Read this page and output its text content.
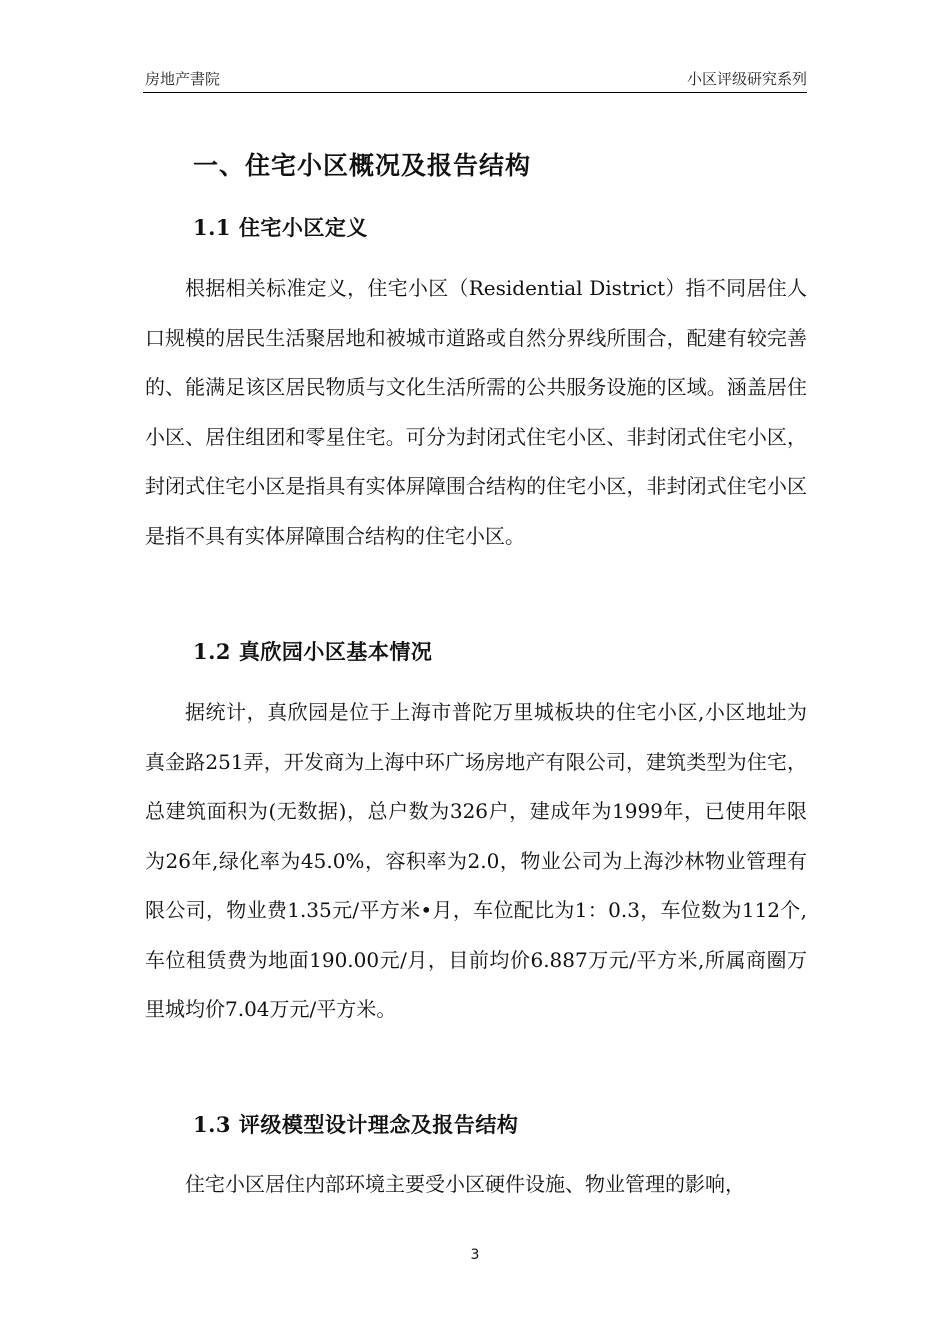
房地产書院	小区评级研究系列
一、住宅小区概况及报告结构
1.1 住宅小区定义

根据相关标准定义，住宅小区（Residential District）指不同居住人口规模的居民生活聚居地和被城市道路或自然分界线所围合，配建有较完善的、能满足该区居民物质与文化生活所需的公共服务设施的区域。涵盖居住小区、居住组团和零星住宅。可分为封闭式住宅小区、非封闭式住宅小区，封闭式住宅小区是指具有实体屏障围合结构的住宅小区，非封闭式住宅小区是指不具有实体屏障围合结构的住宅小区。

1.2 真欣园小区基本情况

据统计，真欣园是位于上海市普陀万里城板块的住宅小区,小区地址为真金路251弄，开发商为上海中环广场房地产有限公司，建筑类型为住宅，总建筑面积为(无数据)，总户数为326户，建成年为1999年，已使用年限为26年,绿化率为45.0%，容积率为2.0，物业公司为上海沙林物业管理有限公司，物业费1.35元/平方米•月，车位配比为1：0.3，车位数为112个,车位租赁费为地面190.00元/月，目前均价6.887万元/平方米,所属商圈万里城均价7.04万元/平方米。

1.3 评级模型设计理念及报告结构

住宅小区居住内部环境主要受小区硬件设施、物业管理的影响，

3
